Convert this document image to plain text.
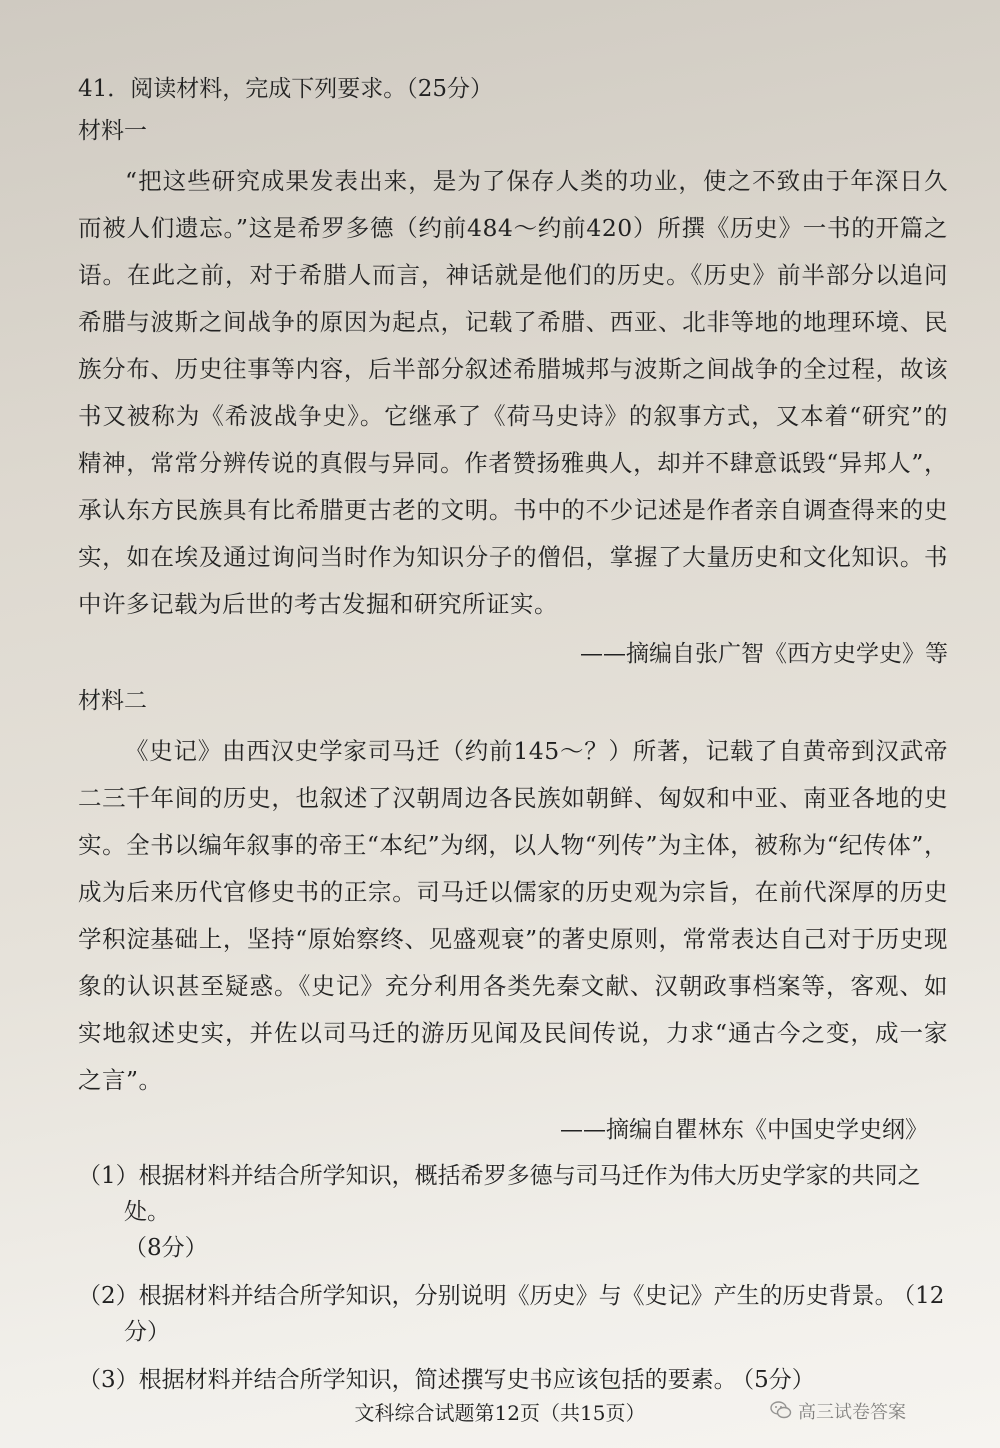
41．阅读材料，完成下列要求。（25分）
材料一

“把这些研究成果发表出来，是为了保存人类的功业，使之不致由于年深日久而被人们遗忘。”这是希罗多德（约前484～约前420）所撰《历史》一书的开篇之语。在此之前，对于希腊人而言，神话就是他们的历史。《历史》前半部分以追问希腊与波斯之间战争的原因为起点，记载了希腊、西亚、北非等地的地理环境、民族分布、历史往事等内容，后半部分叙述希腊城邦与波斯之间战争的全过程，故该书又被称为《希波战争史》。它继承了《荷马史诗》的叙事方式，又本着“研究”的精神，常常分辨传说的真假与异同。作者赞扬雅典人，却并不肆意诋毁“异邦人”，承认东方民族具有比希腊更古老的文明。书中的不少记述是作者亲自调查得来的史实，如在埃及通过询问当时作为知识分子的僧侣，掌握了大量历史和文化知识。书中许多记载为后世的考古发掘和研究所证实。

——摘编自张广智《西方史学史》等
材料二

《史记》由西汉史学家司马迁（约前145～？）所著，记载了自黄帝到汉武帝二三千年间的历史，也叙述了汉朝周边各民族如朝鲜、匈奴和中亚、南亚各地的史实。全书以编年叙事的帝王“本纪”为纲，以人物“列传”为主体，被称为“纪传体”，成为后来历代官修史书的正宗。司马迁以儒家的历史观为宗旨，在前代深厚的历史学积淀基础上，坚持“原始察终、见盛观衰”的著史原则，常常表达自己对于历史现象的认识甚至疑惑。《史记》充分利用各类先秦文献、汉朝政事档案等，客观、如实地叙述史实，并佐以司马迁的游历见闻及民间传说，力求“通古今之变，成一家之言”。

——摘编自瞿林东《中国史学史纲》
（1）根据材料并结合所学知识，概括希罗多德与司马迁作为伟大历史学家的共同之处。
（8分）
（2）根据材料并结合所学知识，分别说明《历史》与《史记》产生的历史背景。 （12分）
（3）根据材料并结合所学知识，简述撰写史书应该包括的要素。 （5分）
文科综合试题第12页（共15页）	高三试卷答案
